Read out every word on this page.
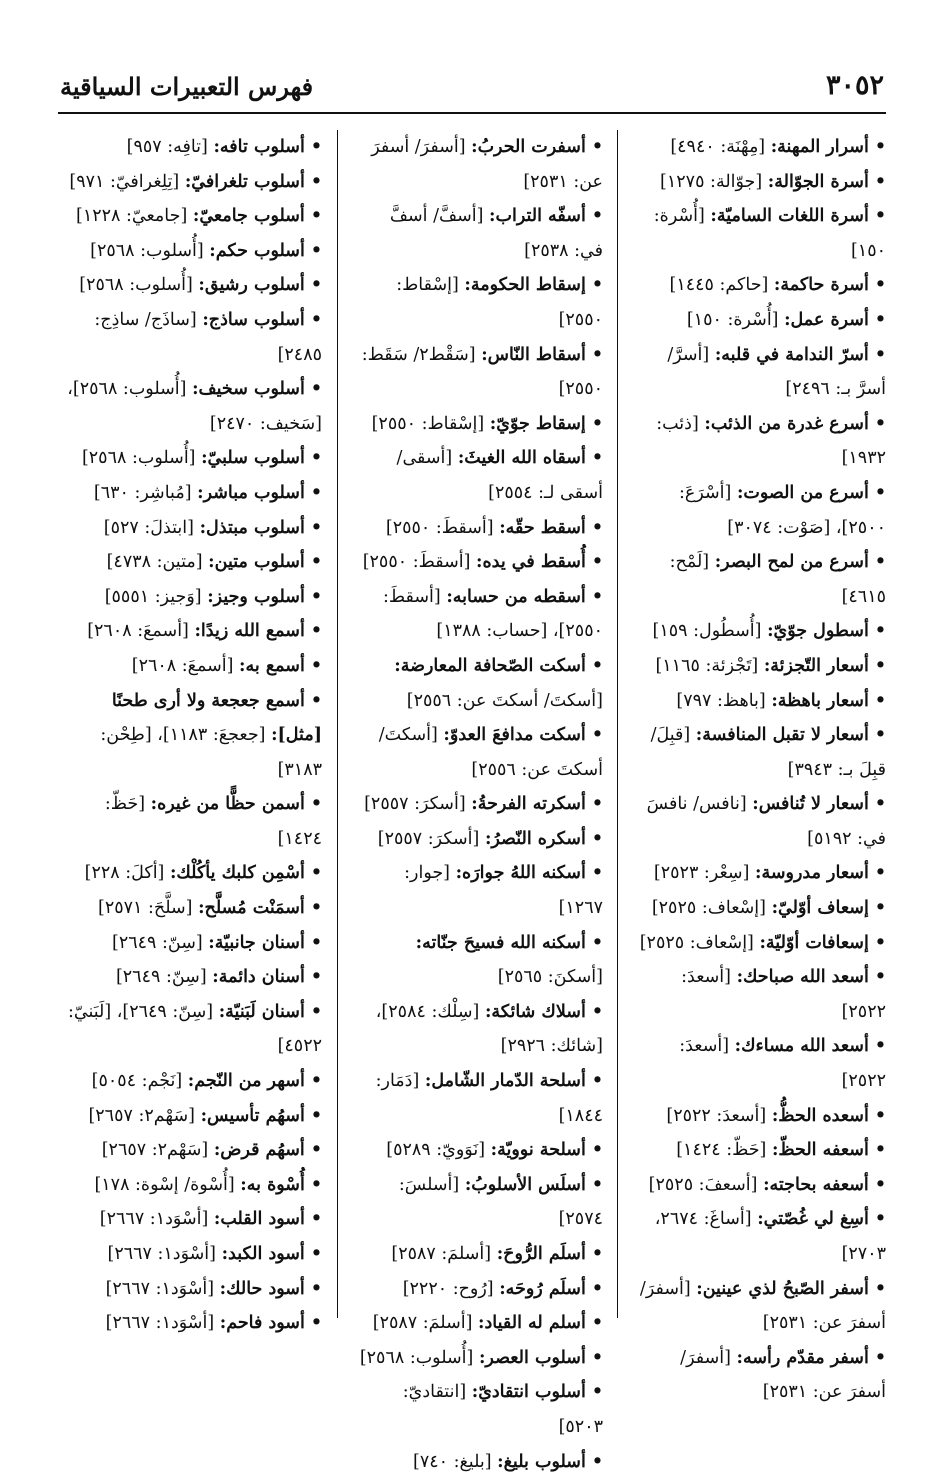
٣٠٥٢
فهرس التعبيرات السياقية

•أسرار المهنة: [مِهْنَة: ٤٩٤٠]

•أسرة الجوّالة: [جوّالة: ١٢٧٥]

•أسرة اللغات الساميّة: [أُسْرة: ١٥٠]

•أسرة حاكمة: [حاكم: ١٤٤٥]

•أسرة عمل: [أُسْرة: ١٥٠]

•أسرّ الندامة في قلبه: [أسرَّ/ أسرَّ بـ: ٢٤٩٦]

•أسرع غدرة من الذئب: [ذئب: ١٩٣٢]

•أسرع من الصوت: [أسْرَعَ: ٢٥٠٠]، [صَوْت: ٣٠٧٤]

•أسرع من لمح البصر: [لَمْح: ٤٦١٥]

•أسطول جوّيّ: [أُسطُول: ١٥٩]

•أسعار التّجزئة: [تَجْزئة: ١١٦٥]

•أسعار باهظة: [باهظ: ٧٩٧]

•أسعار لا تقبل المنافسة: [قبِلَ/ قبِلَ بـ: ٣٩٤٣]

•أسعار لا تُنافس: [نافس/ نافسَ في: ٥١٩٢]

•أسعار مدروسة: [سِعْر: ٢٥٢٣]

•إسعاف أوّليّ: [إسْعاف: ٢٥٢٥]

•إسعافات أوّليّة: [إسْعاف: ٢٥٢٥]

•أسعد الله صباحك: [أسعدَ: ٢٥٢٢]

•أسعد الله مساءك: [أسعدَ: ٢٥٢٢]

•أسعده الحظُّ: [أسعدَ: ٢٥٢٢]

•أسعفه الحظّ: [حَظّ: ١٤٢٤]

•أسعفه بحاجته: [أسعفَ: ٢٥٢٥]

•أسِغ لي غُصّتي: [أساغَ: ٢٦٧٤، ٢٧٠٣]

•أسفر الصّبحُ لذي عينين: [أسفرَ/ أسفرَ عن: ٢٥٣١]

•أسفر مقدّم رأسه: [أسفرَ/ أسفرَ عن: ٢٥٣١]

•أسفرت الحربُ: [أسفرَ/ أسفرَ عن: ٢٥٣١]

•أسفّه التراب: [أسفَّ/ أسفَّ في: ٢٥٣٨]

•إسقاط الحكومة: [إسْقاط: ٢٥٥٠]

•أسقاط النّاس: [سَقْط٢/ سَقَط: ٢٥٥٠]

•إسقاط جوّيّ: [إسْقاط: ٢٥٥٠]

•أسقاه الله الغيثَ: [أسقى/ أسقى لـ: ٢٥٥٤]

•أسقط حقّه: [أسقطَ: ٢٥٥٠]

•أُسقط في يده: [أسقطَ: ٢٥٥٠]

•أسقطه من حسابه: [أسقطَ: ٢٥٥٠]، [حساب: ١٣٨٨]

•أسكت الصّحافة المعارضة: [أسكتَ/ أسكتَ عن: ٢٥٥٦]

•أسكت مدافعَ العدوّ: [أسكتَ/ أسكتَ عن: ٢٥٥٦]

•أسكرته الفرحةُ: [أسكرَ: ٢٥٥٧]

•أسكره النّصرُ: [أسكرَ: ٢٥٥٧]

•أسكنه اللهُ جوارَه: [جوار: ١٢٦٧]

•أسكنه الله فسيحَ جنّاته: [أسكنَ: ٢٥٦٥]

•أسلاك شائكة: [سِلْك: ٢٥٨٤]، [شائك: ٢٩٢٦]

•أسلحة الدّمار الشّامل: [دَمَار: ١٨٤٤]

•أسلحة نوويّة: [نَوَويّ: ٥٢٨٩]

•أسلَس الأسلوبُ: [أسلسَ: ٢٥٧٤]

•أسلَم الرُّوحَ: [أسلمَ: ٢٥٨٧]

•أسلَم رُوحَه: [رُوح: ٢٢٢٠]

•أسلم له القياد: [أسلمَ: ٢٥٨٧]

•أسلوب العصر: [أُسلوب: ٢٥٦٨]

•أسلوب انتقاديّ: [انتقاديّ: ٥٢٠٣]

•أسلوب بليغ: [بليغ: ٧٤٠]

•أسلوب تافه: [تافِه: ٩٥٧]

•أسلوب تلغرافيّ: [تِلِغرافيّ: ٩٧١]

•أسلوب جامعيّ: [جامعيّ: ١٢٢٨]

•أسلوب حكم: [أُسلوب: ٢٥٦٨]

•أسلوب رشيق: [أُسلوب: ٢٥٦٨]

•أسلوب ساذج: [ساذَج/ ساذِج: ٢٤٨٥]

•أسلوب سخيف: [أُسلوب: ٢٥٦٨]، [سَخيف: ٢٤٧٠]

•أسلوب سلبيّ: [أُسلوب: ٢٥٦٨]

•أسلوب مباشر: [مُباشِر: ٦٣٠]

•أسلوب مبتذل: [ابتذلَ: ٥٢٧]

•أسلوب متين: [متين: ٤٧٣٨]

•أسلوب وجيز: [وَجيز: ٥٥٥١]

•أسمع الله زيدًا: [أسمعَ: ٢٦٠٨]

•أسمع به: [أسمعَ: ٢٦٠٨]

•أسمع جعجعة ولا أرى طحنًا [مثل]: [جعجعَ: ١١٨٣]، [طِحْن: ٣١٨٣]

•أسمن حظًّا من غيره: [حَظّ: ١٤٢٤]

•أسْمِن كلبك يأكُلْك: [أكلَ: ٢٢٨]

•أسمَنْت مُسلَّح: [سلَّحَ: ٢٥٧١]

•أسنان جانبيّة: [سِنّ: ٢٦٤٩]

•أسنان دائمة: [سِنّ: ٢٦٤٩]

•أسنان لَبَنيّة: [سِنّ: ٢٦٤٩]، [لَبَنيّ: ٤٥٢٢]

•أسهر من النّجم: [نَجْم: ٥٠٥٤]

•أسهُم تأسيس: [سَهْم٢: ٢٦٥٧]

•أسهُم قرض: [سَهْم٢: ٢٦٥٧]

•أُسْوة به: [أُسْوة/ إسْوة: ١٧٨]

•أسود القلب: [أسْوَد١: ٢٦٦٧]

•أسود الكبد: [أسْوَد١: ٢٦٦٧]

•أسود حالك: [أسْوَد١: ٢٦٦٧]

•أسود فاحم: [أسْوَد١: ٢٦٦٧]
